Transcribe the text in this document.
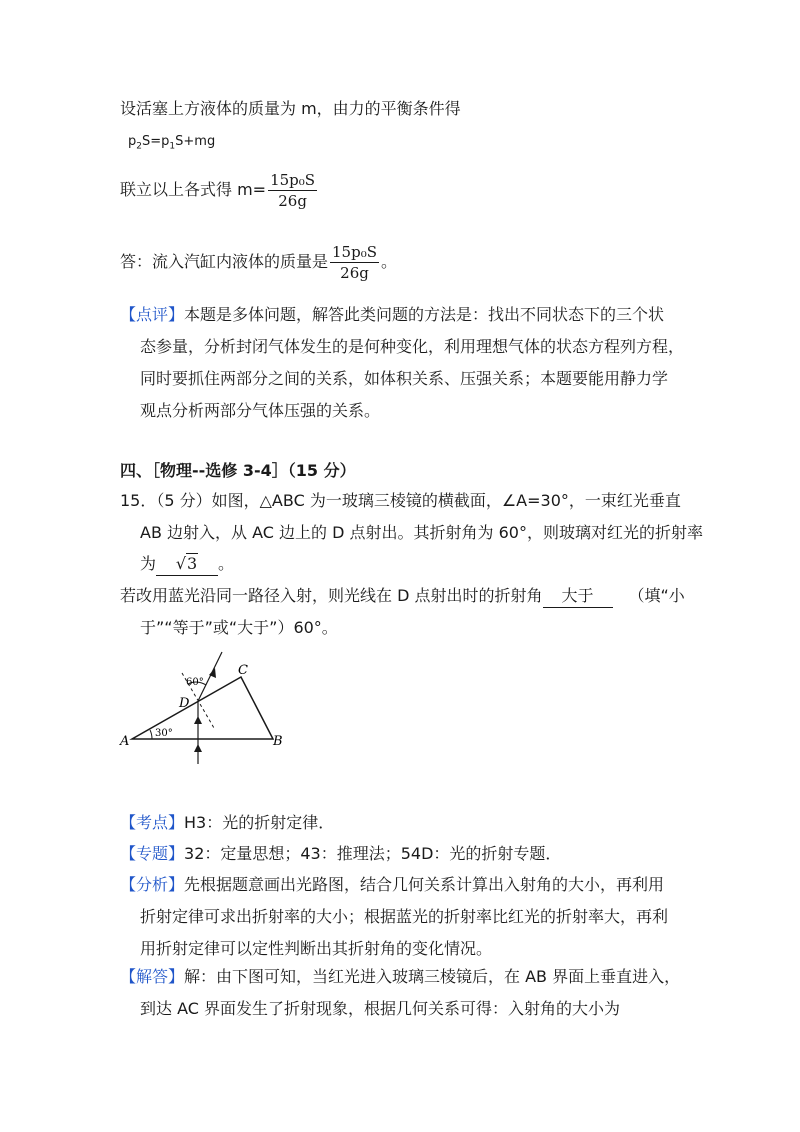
设活塞上方液体的质量为 m，由力的平衡条件得
$p_2S=p_1S+mg$
联立以上各式得 $m= \frac{\text{15p₀S}}{26g}$
答：流入汽缸内液体的质量是 $\frac{\text{15p₀S}}{26g}$ 。
【点评】本题是多体问题，解答此类问题的方法是：找出不同状态下的三个状
态参量，分析封闭气体发生的是何种变化，利用理想气体的状态方程列方程，
同时要抓住两部分之间的关系，如体积关系、压强关系；本题要能用静力学
观点分析两部分气体压强的关系。
四、［物理--选修 3-4］（15 分）
15．（5 分）如图，△ABC 为一玻璃三棱镜的横截面，∠A=30°，一束红光垂直
AB 边射入，从 AC 边上的 D 点射出。其折射角为 60°，则玻璃对红光的折射率
为 √3 。
若改用蓝光沿同一路径入射，则光线在 D 点射出时的折射角 大于 （填“小
于”“等于”或“大于”）60°。
A	B
C
D
30°
60°
【考点】H3：光的折射定律．
【专题】32：定量思想；43：推理法；54D：光的折射专题．
【分析】先根据题意画出光路图，结合几何关系计算出入射角的大小，再利用
折射定律可求出折射率的大小；根据蓝光的折射率比红光的折射率大，再利
用折射定律可以定性判断出其折射角的变化情况。
【解答】解：由下图可知，当红光进入玻璃三棱镜后，在 AB 界面上垂直进入，
到达 AC 界面发生了折射现象，根据几何关系可得：入射角的大小为
